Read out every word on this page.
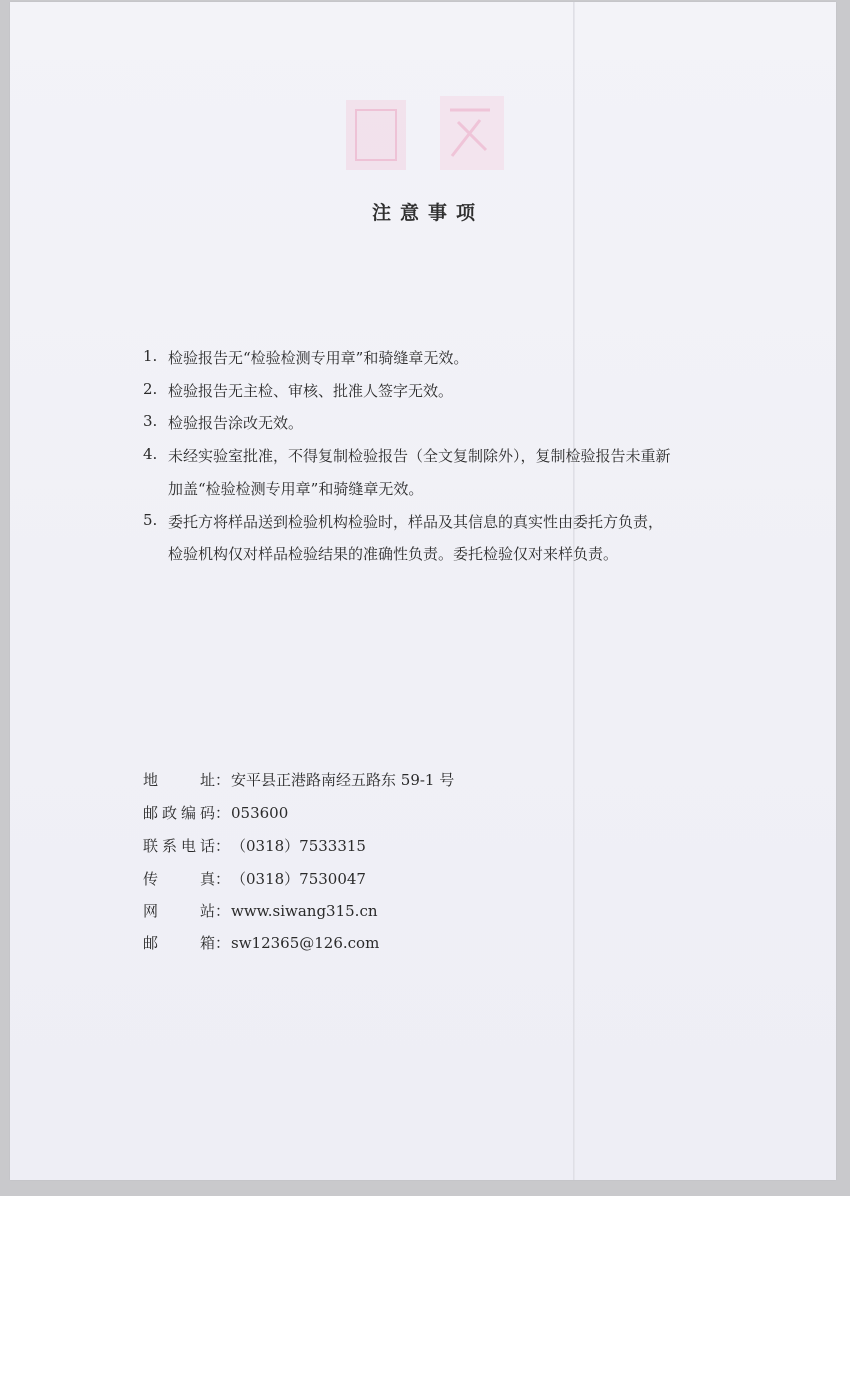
注意事项
1. 检验报告无“检验检测专用章”和骑缝章无效。
2. 检验报告无主检、审核、批准人签字无效。
3. 检验报告涂改无效。
4. 未经实验室批准，不得复制检验报告（全文复制除外），复制检验报告未重新
加盖“检验检测专用章”和骑缝章无效。
5. 委托方将样品送到检验机构检验时，样品及其信息的真实性由委托方负责，
检验机构仅对样品检验结果的准确性负责。委托检验仅对来样负责。
地址：安平县正港路南经五路东 59-1 号
邮政编码：053600
联系电话：（0318）7533315
传真：（0318）7530047
网站：www.siwang315.cn
邮箱：sw12365@126.com
